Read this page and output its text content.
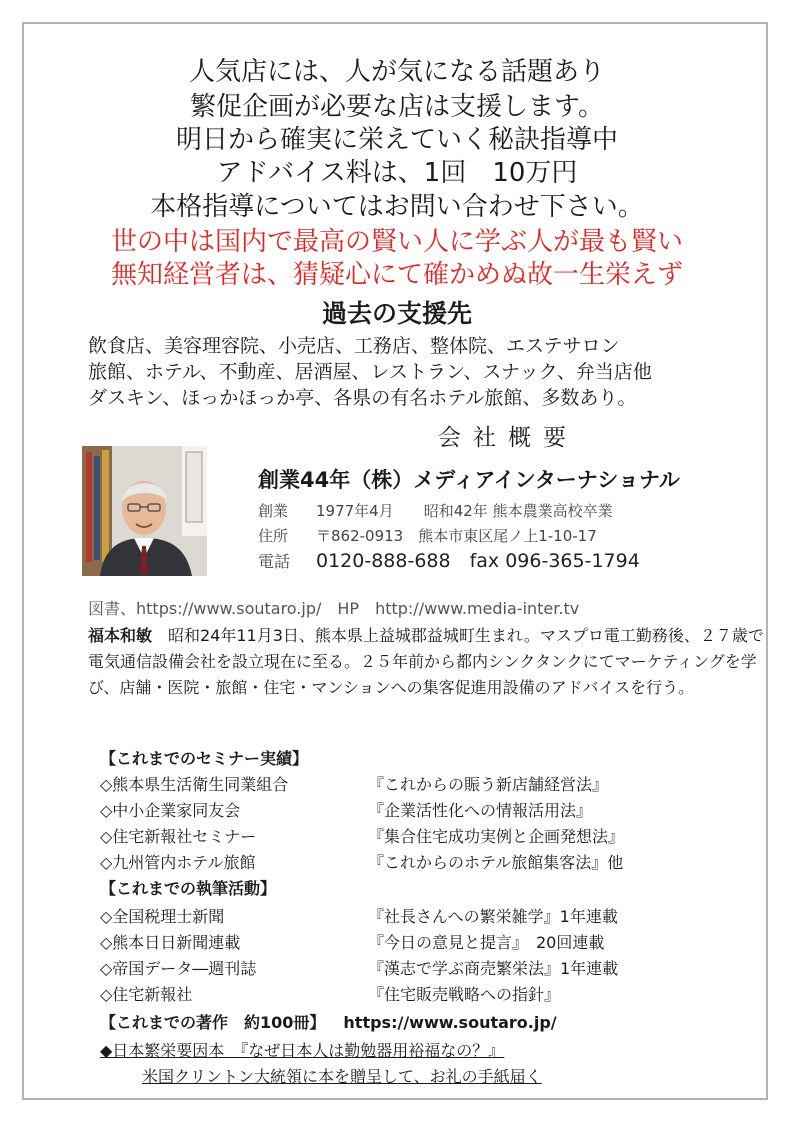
人気店には、人が気になる話題あり
繁促企画が必要な店は支援します。
明日から確実に栄えていく秘訣指導中
アドバイス料は、1回　10万円
本格指導についてはお問い合わせ下さい。
世の中は国内で最高の賢い人に学ぶ人が最も賢い
無知経営者は、猜疑心にて確かめぬ故一生栄えず
過去の支援先
飲食店、美容理容院、小売店、工務店、整体院、エステサロン
旅館、ホテル、不動産、居酒屋、レストラン、スナック、弁当店他
ダスキン、ほっかほっか亭、各県の有名ホテル旅館、多数あり。
会社概要
創業44年（株）メディアインターナショナル
創業 1977年4月　　昭和42年 熊本農業高校卒業
住所 〒862-0913　熊本市東区尾ノ上1-10-17
電話 0120-888-688　fax 096-365-1794
図書、https://www.soutaro.jp/　HP　http://www.media-inter.tv
福本和敏　昭和24年11月3日、熊本県上益城郡益城町生まれ。マスプロ電工勤務後、２７歳で電気通信設備会社を設立現在に至る。２５年前から都内シンクタンクにてマーケティングを学び、店舗・医院・旅館・住宅・マンションへの集客促進用設備のアドバイスを行う。
【これまでのセミナー実績】
◇熊本県生活衛生同業組合	『これからの賑う新店舗経営法』
◇中小企業家同友会	『企業活性化への情報活用法』
◇住宅新報社セミナー	『集合住宅成功実例と企画発想法』
◇九州管内ホテル旅館	『これからのホテル旅館集客法』他
【これまでの執筆活動】
◇全国税理士新聞	『社長さんへの繁栄雑学』1年連載
◇熊本日日新聞連載	『今日の意見と提言』　20回連載
◇帝国データ―週刊誌	『漢志で学ぶ商売繁栄法』1年連載
◇住宅新報社	『住宅販売戦略への指針』
【これまでの著作　約100冊】 https://www.soutaro.jp/
◆日本繁栄要因本　『なぜ日本人は勤勉器用裕福なの？』
米国クリントン大統領に本を贈呈して、お礼の手紙届く
